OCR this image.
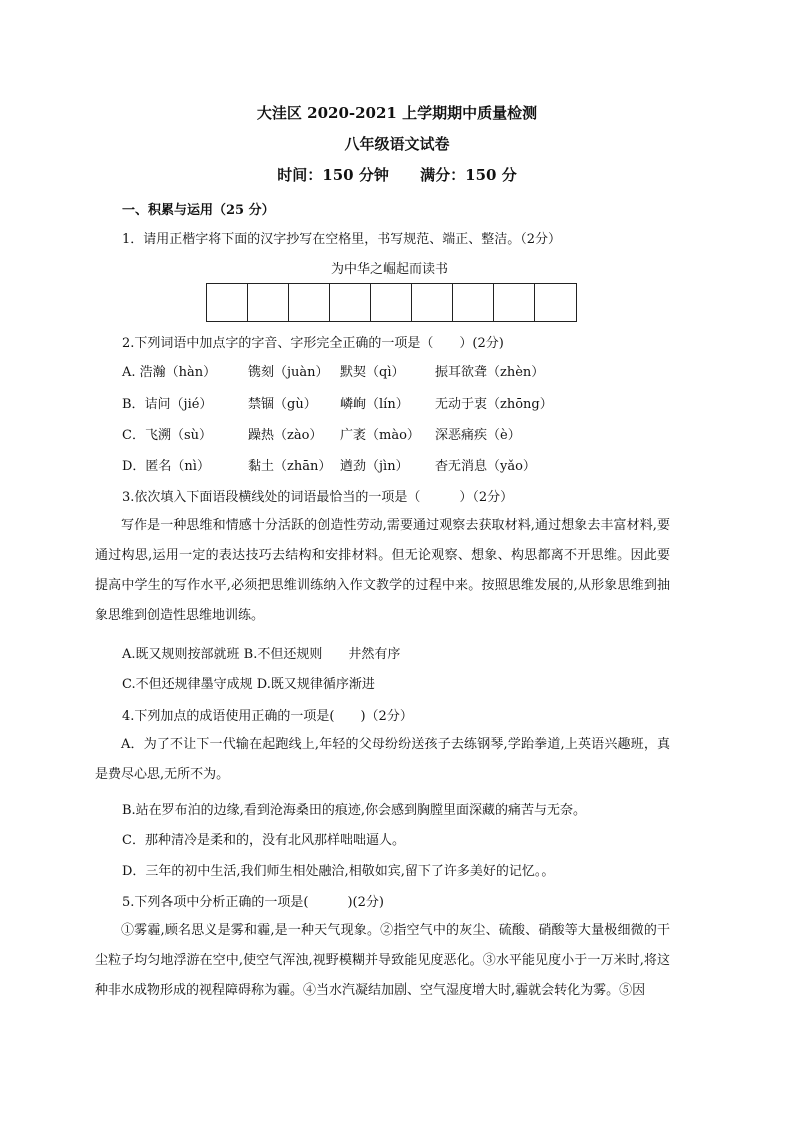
大洼区 2020-2021 上学期期中质量检测
八年级语文试卷
时间：150 分钟      满分：150 分
一、积累与运用（25 分）
1．请用正楷字将下面的汉字抄写在空格里，书写规范、端正、整洁。（2分）
为中华之崛起而读书
2.下列词语中加点字的字音、字形完全正确的一项是（　　）(2分)
A. 浩瀚（hàn） 镌刻（juàn） 默契（qì） 振耳欲聋（zhèn）
B．诘问（jié）	禁锢（gù） 嶙峋（lín） 无动于衷（zhōng）
C．飞溯（sù）	躁热（zào） 广袤（mào） 深恶痛疾（è）
D．匿名（nì）	黏土（zhān） 遒劲（jìn） 杳无消息（yǎo）
3.依次填入下面语段横线处的词语最恰当的一项是（　　　）（2分）
写作是一种思维和情感十分活跃的创造性劳动,需要通过观察去获取材料,通过想象去丰富材料,要通过构思,运用一定的表达技巧去结构和安排材料。但无论观察、想象、构思都离不开思维。因此要提高中学生的写作水平,必须把思维训练纳入作文教学的过程中来。按照思维发展的,从形象思维到抽象思维到创造性思维地训练。
A.既又规则按部就班 B.不但还规则　　井然有序
C.不但还规律墨守成规 D.既又规律循序渐进
4.下列加点的成语使用正确的一项是(　　)（2分）
A．为了不让下一代输在起跑线上,年轻的父母纷纷送孩子去练钢琴,学跆拳道,上英语兴趣班，真是费尽心思,无所不为。
B.站在罗布泊的边缘,看到沧海桑田的痕迹,你会感到胸膛里面深藏的痛苦与无奈。
C．那种清冷是柔和的，没有北风那样咄咄逼人。
D．三年的初中生活,我们师生相处融洽,相敬如宾,留下了许多美好的记忆。。
5.下列各项中分析正确的一项是(　　　)(2分)
①雾霾,顾名思义是雾和霾,是一种天气现象。②指空气中的灰尘、硫酸、硝酸等大量极细微的干尘粒子均匀地浮游在空中,使空气浑浊,视野模糊并导致能见度恶化。③水平能见度小于一万米时,将这种非水成物形成的视程障碍称为霾。④当水汽凝结加剧、空气湿度增大时,霾就会转化为雾。⑤因
